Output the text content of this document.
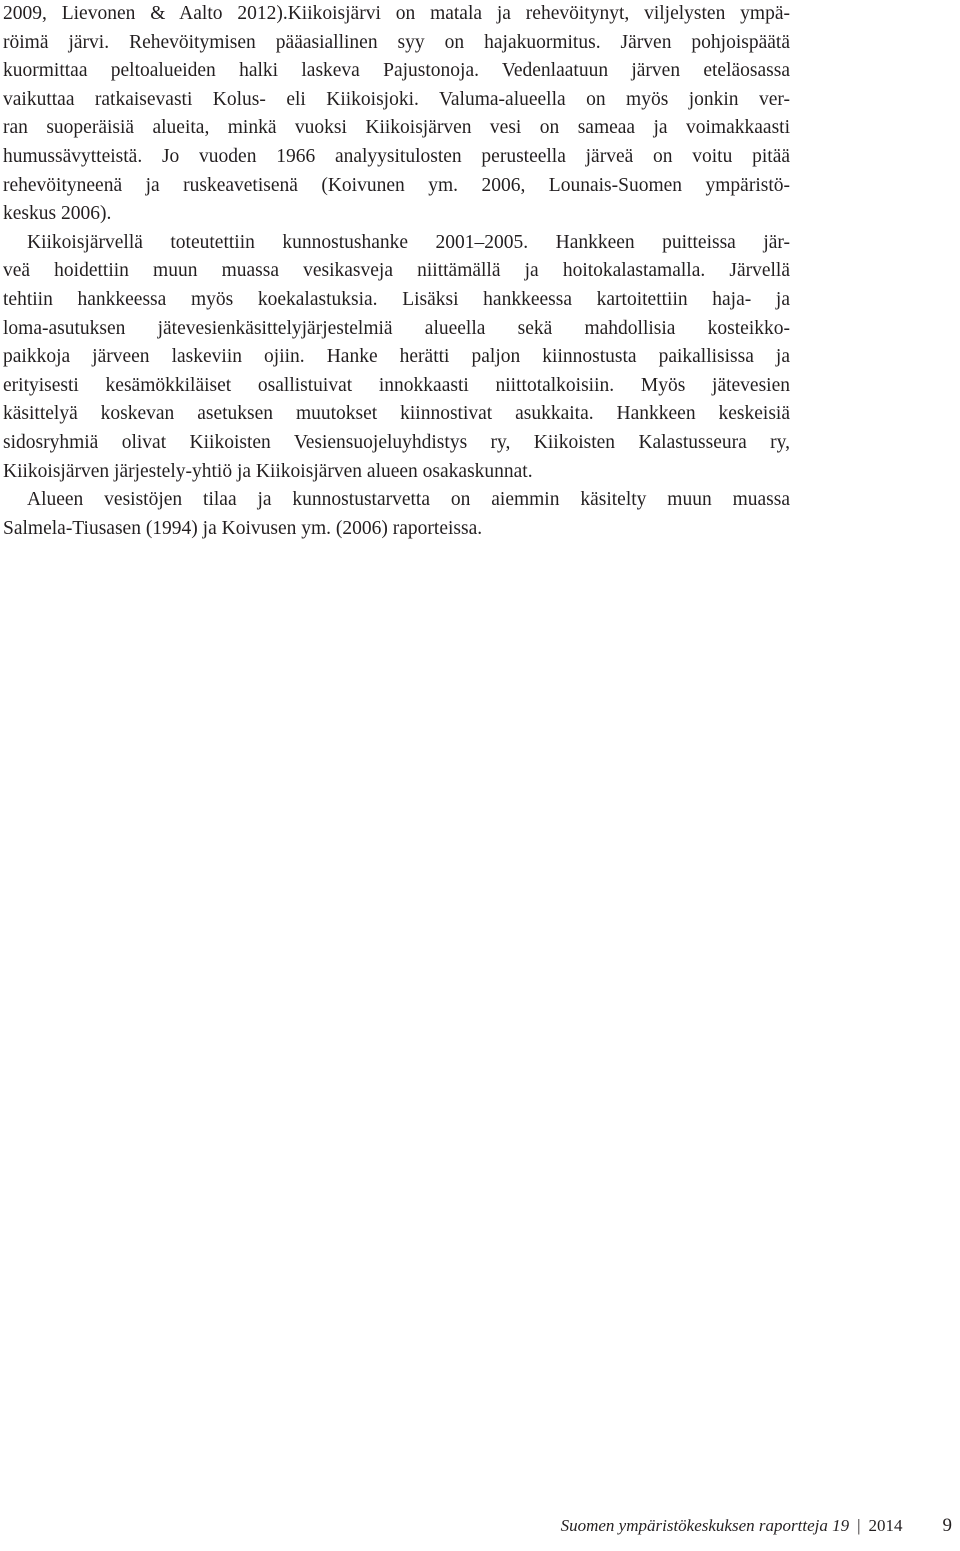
2009, Lievonen & Aalto 2012).Kiikoisjärvi on matala ja rehevöitynyt, viljelysten ympä-
röimä järvi. Rehevöitymisen pääasiallinen syy on hajakuormitus. Järven pohjoispäätä
kuormittaa peltoalueiden halki laskeva Pajustonoja. Vedenlaatuun järven eteläosassa
vaikuttaa ratkaisevasti Kolus- eli Kiikoisjoki. Valuma-alueella on myös jonkin ver-
ran suoperäisiä alueita, minkä vuoksi Kiikoisjärven vesi on sameaa ja voimakkaasti
humussävytteistä. Jo vuoden 1966 analyysitulosten perusteella järveä on voitu pitää
rehevöityneenä ja ruskeavetisenä (Koivunen ym. 2006, Lounais-Suomen ympäristö-
keskus 2006).
Kiikoisjärvellä toteutettiin kunnostushanke 2001–2005. Hankkeen puitteissa jär-
veä hoidettiin muun muassa vesikasveja niittämällä ja hoitokalastamalla. Järvellä
tehtiin hankkeessa myös koekalastuksia. Lisäksi hankkeessa kartoitettiin haja- ja
loma-asutuksen jätevesienkäsittelyjärjestelmiä alueella sekä mahdollisia kosteikko-
paikkoja järveen laskeviin ojiin. Hanke herätti paljon kiinnostusta paikallisissa ja
erityisesti kesämökkiläiset osallistuivat innokkaasti niittotalkoisiin. Myös jätevesien
käsittelyä koskevan asetuksen muutokset kiinnostivat asukkaita. Hankkeen keskeisiä
sidosryhmiä olivat Kiikoisten Vesiensuojeluyhdistys ry, Kiikoisten Kalastusseura ry,
Kiikoisjärven järjestely-yhtiö ja Kiikoisjärven alueen osakaskunnat.
Alueen vesistöjen tilaa ja kunnostustarvetta on aiemmin käsitelty muun muassa
Salmela-Tiusasen (1994) ja Koivusen ym. (2006) raporteissa.
Suomen ympäristökeskuksen raportteja 19 | 2014 9
